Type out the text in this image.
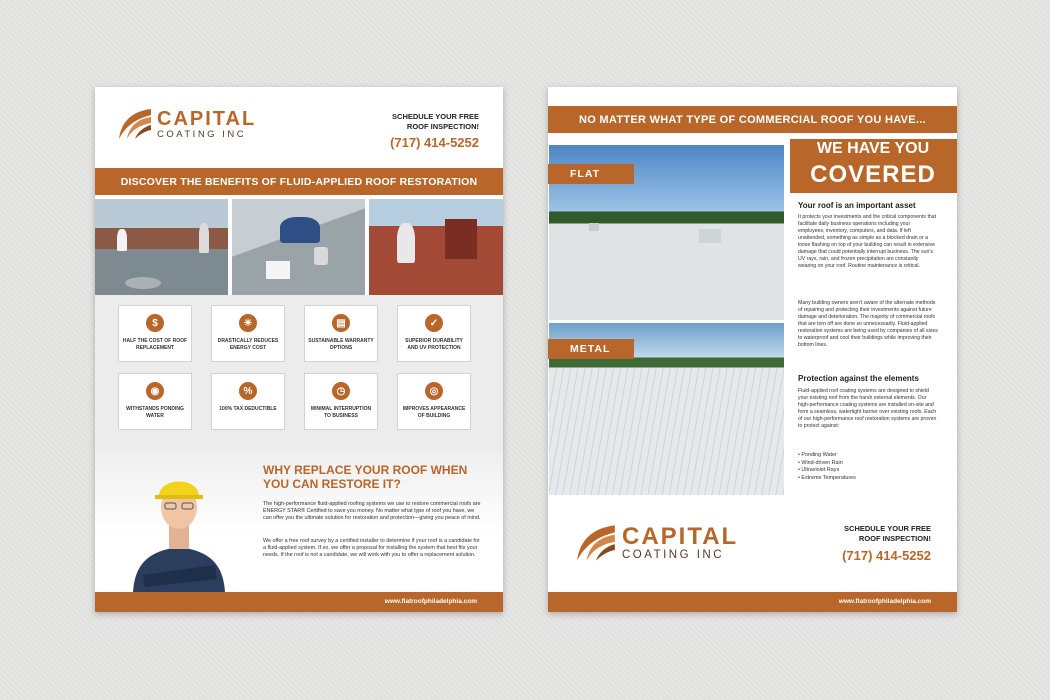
CAPITAL
COATING INC
SCHEDULE YOUR FREE
ROOF INSPECTION!
(717) 414-5252
DISCOVER THE BENEFITS OF FLUID-APPLIED ROOF RESTORATION
$
HALF THE COST OF ROOF REPLACEMENT
☀
DRASTICALLY REDUCES ENERGY COST
▤
SUSTAINABLE WARRANTY OPTIONS
✓
SUPERIOR DURABILITY AND UV PROTECTION
◉
WITHSTANDS PONDING WATER
%
100% TAX DEDUCTIBLE
◷
MINIMAL INTERRUPTION TO BUSINESS
◎
IMPROVES APPEARANCE OF BUILDING
WHY REPLACE YOUR ROOF WHEN
YOU CAN RESTORE IT?
The high-performance fluid-applied roofing systems we use to restore commercial roofs are ENERGY STAR® Certified to save you money. No matter what type of roof you have, we can offer you the ultimate solution for restoration and protection—giving you peace of mind.
We offer a free roof survey by a certified installer to determine if your roof is a candidate for a fluid-applied system. If so, we offer a proposal for installing the system that best fits your needs. If the roof is not a candidate, we will work with you to offer a replacement solution.
www.flatroofphiladelphia.com
NO MATTER WHAT TYPE OF COMMERCIAL ROOF YOU HAVE...
FLAT
METAL
WE HAVE YOU
COVERED
Your roof is an important asset
It protects your investments and the critical components that facilitate daily business operations including your employees, inventory, computers, and data. If left unattended, something as simple as a blocked drain or a loose flashing on top of your building can result in extensive damage that could potentially interrupt business. The sun's UV rays, rain, and frozen precipitation are constantly wearing on your roof. Routine maintenance is critical.
Many building owners aren't aware of the alternate methods of repairing and protecting their investments against future damage and deterioration. The majority of commercial roofs that are torn off are done so unnecessarily. Fluid-applied restoration systems are being used by companies of all sizes to waterproof and cool their buildings while improving their bottom lines.
Protection against the elements
Fluid-applied roof coating systems are designed to shield your existing roof from the harsh external elements. Our high-performance coating systems are installed on-site and form a seamless, watertight barrier over existing roofs. Each of our high-performance roof restoration systems are proven to protect against:
• Ponding Water
• Wind-driven Rain
• Ultraviolet Rays
• Extreme Temperatures
CAPITAL
COATING INC
SCHEDULE YOUR FREE
ROOF INSPECTION!
(717) 414-5252
www.flatroofphiladelphia.com
